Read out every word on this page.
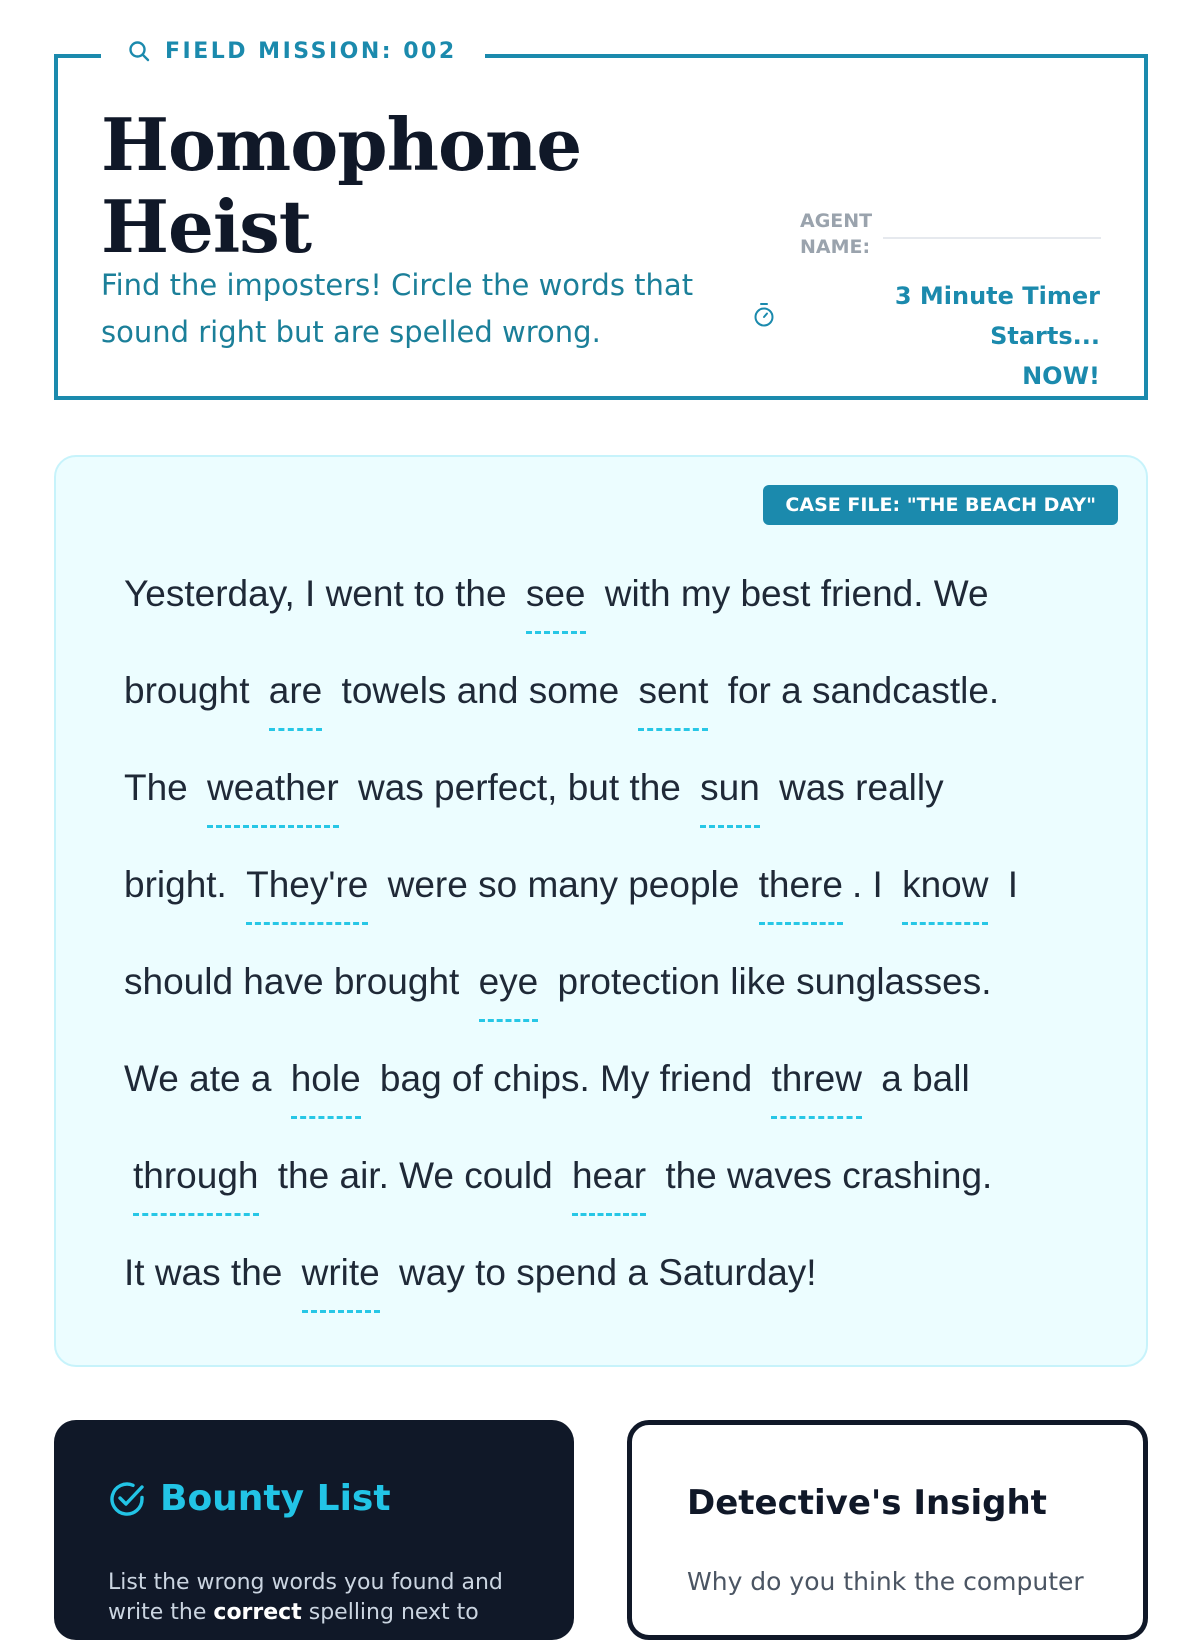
FIELD MISSION: 002
Homophone
Heist

Find the imposters! Circle the words that sound right but are spelled wrong.

AGENT NAME:
3 Minute Timer Starts...
NOW!
CASE FILE: "THE BEACH DAY"
Yesterday, I went to the see with my best friend. We
brought are towels and some sent for a sandcastle.
The weather was perfect, but the sun was really
bright. They're were so many people there . I know I
should have brought eye protection like sunglasses.
We ate a hole bag of chips. My friend threw a ball
through the air. We could hear the waves crashing.
It was the write way to spend a Saturday!
Bounty List

List the wrong words you found and write the correct spelling next to

Detective's Insight

Why do you think the computer
